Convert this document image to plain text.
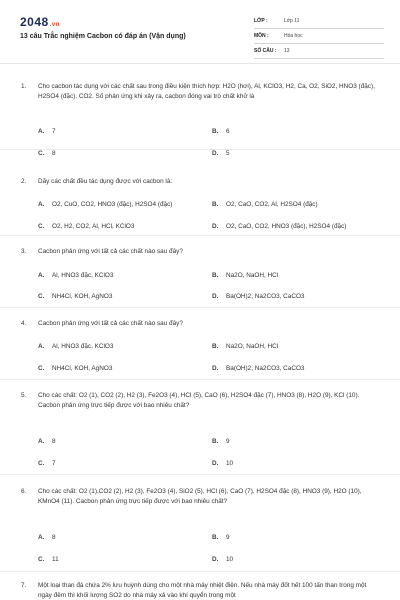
2048.vn
13 câu Trắc nghiệm Cacbon có đáp án (Vận dụng)
LỚP :	Lớp 11
MÔN :	Hóa học
SỐ CÂU :	13
1. Cho cacbon tác dụng với các chất sau trong điều kiện thích hợp: H2O (hơi), Al, KClO3, H2, Ca, O2, SiO2, HNO3 (đặc), H2SO4 (đặc), CO2. Số phản ứng khi xảy ra, cacbon đóng vai trò chất khử là
A. 7	B. 6
C. 8	D. 5
2. Dãy các chất đều tác dụng được với cacbon là:
A. O2, CuO, CO2, HNO3 (đặc), H2SO4 (đặc)	B. O2, CaO, CO2, Al, H2SO4 (đặc)
C. O2, H2, CO2, Al, HCl, KClO3	D. O2, CaO, CO2, HNO3 (đặc), H2SO4 (đặc)
3. Cacbon phản ứng với tất cả các chất nào sau đây?
A. Al, HNO3 đặc, KClO3	B. Na2O, NaOH, HCl
C. NH4Cl, KOH, AgNO3	D. Ba(OH)2, Na2CO3, CaCO3
4. Cacbon phản ứng với tất cả các chất nào sau đây?
A. Al, HNO3 đặc, KClO3	B. Na2O, NaOH, HCl
C. NH4Cl, KOH, AgNO3	D. Ba(OH)2, Na2CO3, CaCO3
5. Cho các chất: O2 (1), CO2 (2), H2 (3), Fe2O3 (4), HCl (5), CaO (6), H2SO4 đặc (7), HNO3 (8), H2O (9), KCl (10). Cacbon phản ứng trực tiếp được với bao nhiêu chất?
A. 8	B. 9
C. 7	D. 10
6. Cho các chất: O2 (1),CO2 (2), H2 (3), Fe2O3 (4), SiO2 (5), HCl (6), CaO (7), H2SO4 đặc (8), HNO3 (9), H2O (10), KMnO4 (11). Cacbon phản ứng trực tiếp được với bao nhiêu chất?
A. 8	B. 9
C. 11	D. 10
7. Một loại than đá chứa 2% lưu huỳnh dùng cho một nhà máy nhiệt điện. Nếu nhà máy đốt hết 100 tấn than trong một ngày đêm thì khối lượng SO2 do nhà máy xả vào khí quyển trong một
